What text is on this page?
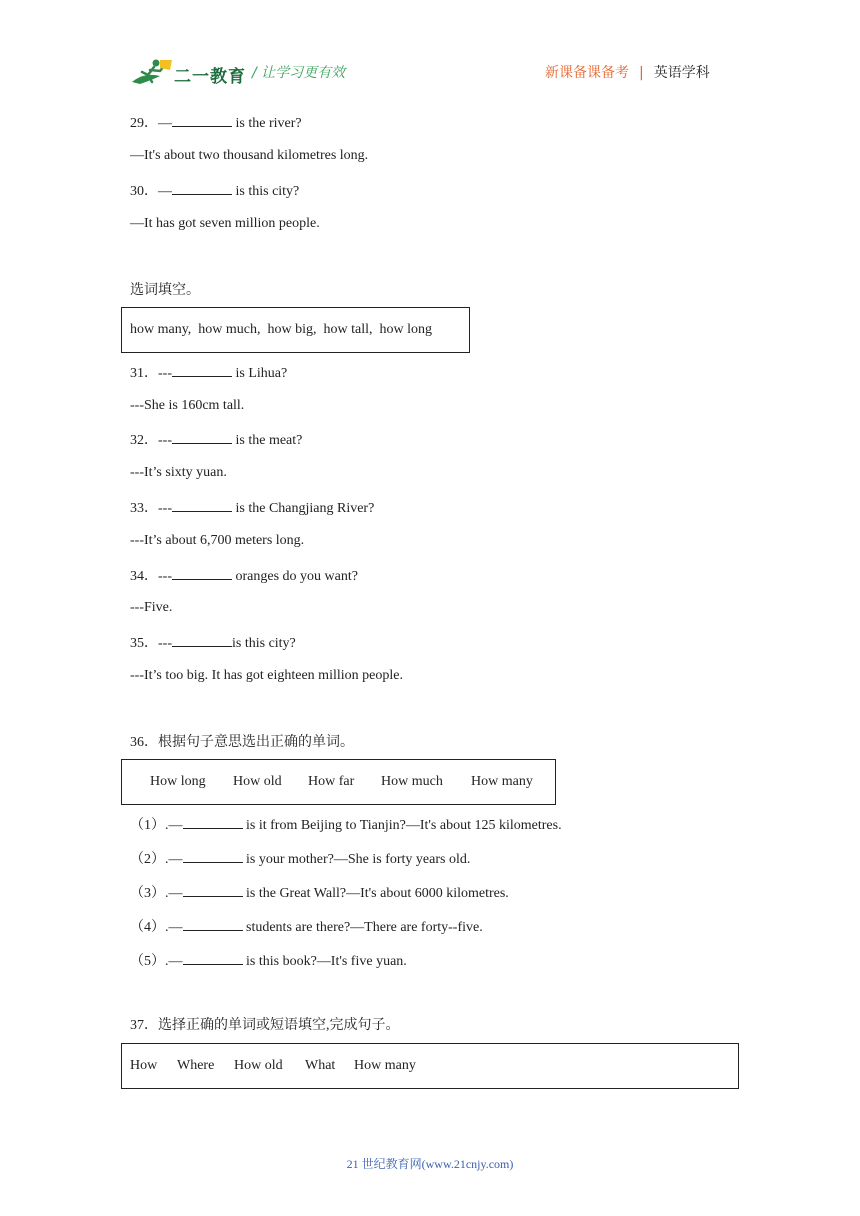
二一教育 / 让学习更有效	新课备课备考 | 英语学科
29．—	is the river?
—It's about two thousand kilometres long.
30．—	is this city?
—It has got seven million people.
选词填空。
how many,  how much,  how big,  how tall,  how long
31．---	is Lihua?
---She is 160cm tall.
32．---	is the meat?
---It’s sixty yuan.
33．---	is the Changjiang River?
---It’s about 6,700 meters long.
34．---	oranges do you want?
---Five.
35．---	is this city?
---It’s too big. It has got eighteen million people.
36．根据句子意思选出正确的单词。
How long How old How far How much How many
（1）.—	is it from Beijing to Tianjin?—It's about 125 kilometres.
（2）.—	is your mother?—She is forty years old.
（3）.—	is the Great Wall?—It's about 6000 kilometres.
（4）.—	students are there?—There are forty--five.
（5）.—	is this book?—It's five yuan.
37．选择正确的单词或短语填空,完成句子。
How Where How old What How many
21 世纪教育网(www.21cnjy.com)
